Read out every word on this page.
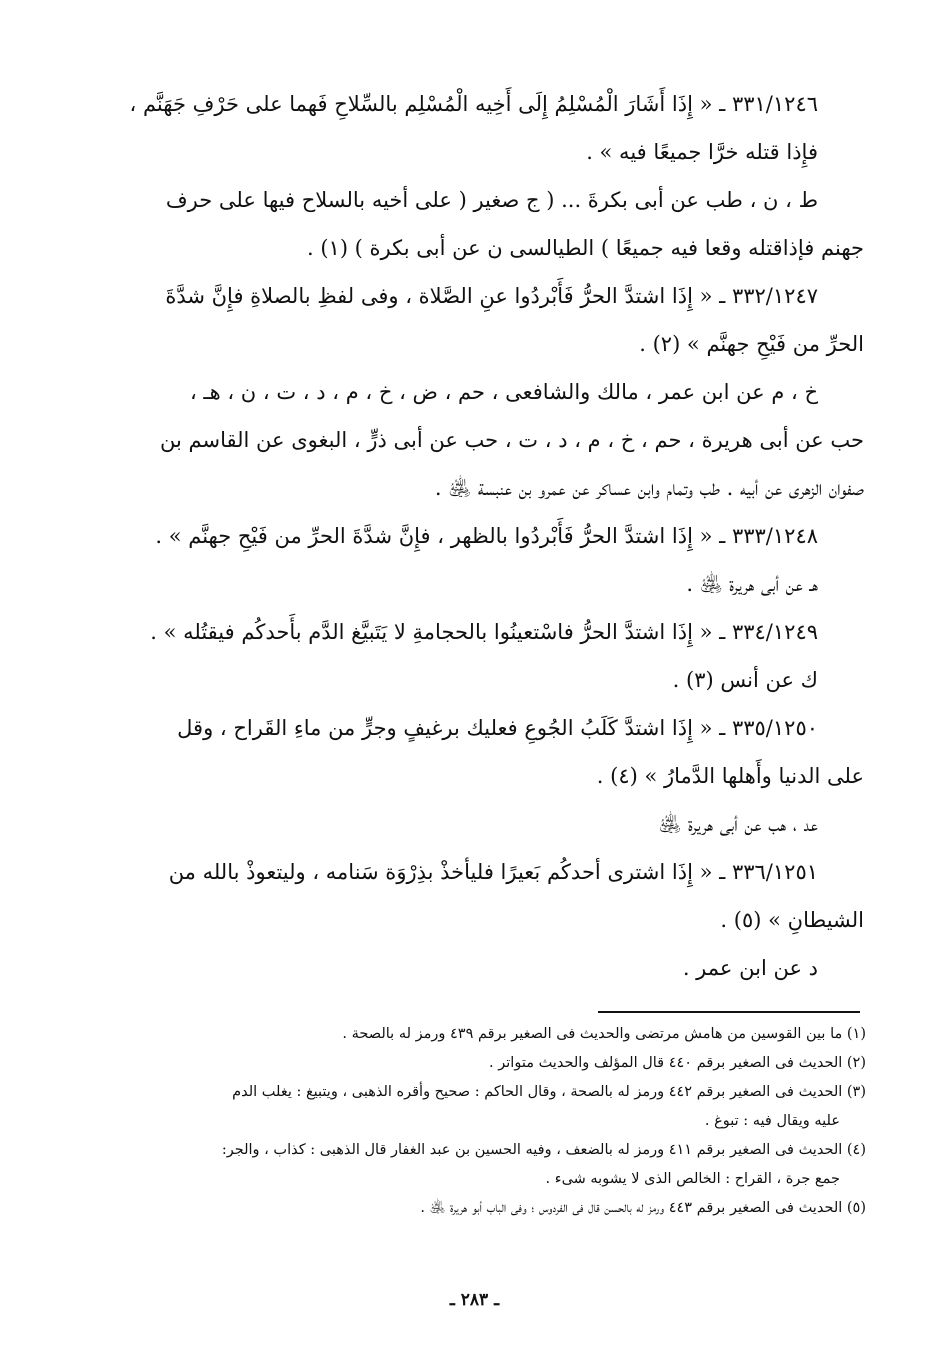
٣٣١/١٢٤٦ ـ « إِذَا أَشَارَ الْمُسْلِمُ إِلَى أَخِيه الْمُسْلِم بالسِّلاحِ فَهما على حَرْفِ جَهَنَّم ،
فإِذا قتله خرَّا جميعًا فيه » .
ط ، ن ، طب عن أبى بكرةَ ... ( ج صغير ( على أخيه بالسلاح فيها على حرف
جهنم فإذاقتله وقعا فيه جميعًا ) الطيالسى ن عن أبى بكرة ) (١) .
٣٣٢/١٢٤٧ ـ « إِذَا اشتدَّ الحرُّ فَأَبْردُوا عنِ الصَّلاة ، وفى لفظِ بالصلاةِ فإِنَّ شدَّةَ
الحرِّ من فَيْحِ جهنَّم » (٢) .
خ ، م عن ابن عمر ، مالك والشافعى ، حم ، ض ، خ ، م ، د ، ت ، ن ، هـ ،
حب عن أبى هريرة ، حم ، خ ، م ، د ، ت ، حب عن أبى ذرٍّ ، البغوى عن القاسم بن
صفوان الزهرى عن أبيه . طب وتمام وابن عساكر عن عمرو بن عنبسة ﵁ .
٣٣٣/١٢٤٨ ـ « إِذَا اشتدَّ الحرُّ فَأَبْردُوا بالظهر ، فإِنَّ شدَّةَ الحرِّ من فَيْحِ جهنَّم » .
هـ عن أبى هريرة ﵁ .
٣٣٤/١٢٤٩ ـ « إِذَا اشتدَّ الحرُّ فاسْتعينُوا بالحجامةِ لا يَتَبيَّغ الدَّم بأَحدكُم فيقتُله » .
ك عن أنس (٣) .
٣٣٥/١٢٥٠ ـ « إِذَا اشتدَّ كَلَبُ الجُوعِ فعليك برغيفٍ وجرٍّ من ماءِ القَراح ، وقل
على الدنيا وأَهلها الدَّمارُ » (٤) .
عد ، هب عن أبى هريرة ﵁
٣٣٦/١٢٥١ ـ « إِذَا اشترى أحدكُم بَعيرًا فليأخذْ بذِرْوَة سَنامه ، وليتعوذْ بالله من
الشيطانِ » (٥) .
د عن ابن عمر .
(١) ما بين القوسين من هامش مرتضى والحديث فى الصغير برقم ٤٣٩ ورمز له بالصحة .
(٢) الحديث فى الصغير برقم ٤٤٠ قال المؤلف والحديث متواتر .
(٣) الحديث فى الصغير برقم ٤٤٢ ورمز له بالصحة ، وقال الحاكم : صحيح وأقره الذهبى ، ويتبيغ : يغلب الدم
عليه ويقال فيه : تبوغ .
(٤) الحديث فى الصغير برقم ٤١١ ورمز له بالضعف ، وفيه الحسين بن عبد الغفار قال الذهبى : كذاب ، والجر:
جمع جرة ، القراح : الخالص الذى لا يشوبه شىء .
(٥) الحديث فى الصغير برقم ٤٤٣ ورمز له بالحسن قال فى الفردوس ؛ وفى الباب أبو هريرة ﵁ .
ـ ٢٨٣ ـ
